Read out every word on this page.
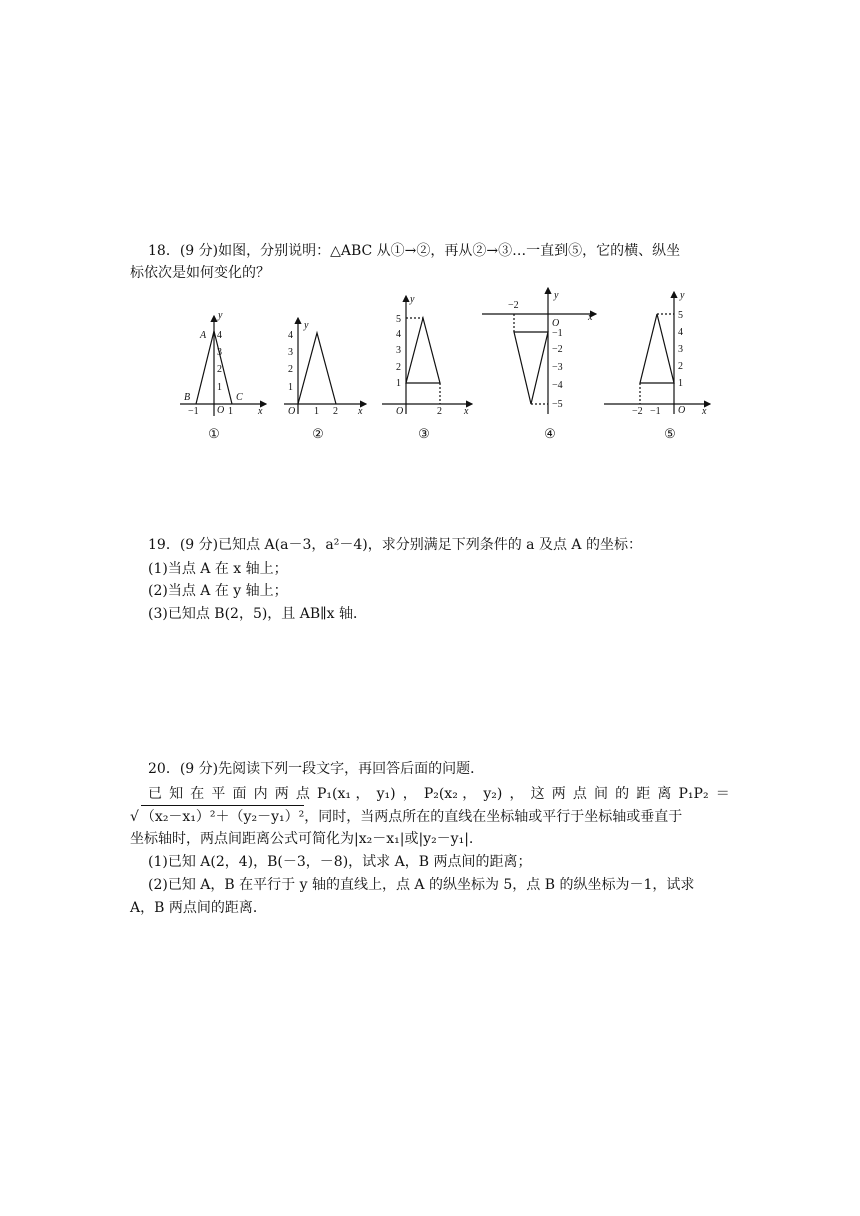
18．(9 分)如图，分别说明：△ABC 从①→②，再从②→③…一直到⑤，它的横、纵坐
标依次是如何变化的？
A
y
x
B	C
O
y
x
O
y
x
O
y
x
O
y
x
O
−1	1
1
2
3
4
1 2
1
2
3
4
2
1
2
3
4
5
−2
−1
−2
−3
−4
−5
−2 −1
1
2
3
4
5
①	②	③	④	⑤
19．(9 分)已知点 A(a－3，a²－4)，求分别满足下列条件的 a 及点 A 的坐标：
(1)当点 A 在 x 轴上；
(2)当点 A 在 y 轴上；
(3)已知点 B(2，5)，且 AB∥x 轴．
20．(9 分)先阅读下列一段文字，再回答后面的问题．
已 知 在 平 面 内 两 点 P₁(x₁ ， y₁) ， P₂(x₂ ， y₂) ， 这 两 点 间 的 距 离 P₁P₂ ＝
√ （x₂－x₁）²＋（y₂－y₁）²，同时，当两点所在的直线在坐标轴或平行于坐标轴或垂直于
坐标轴时，两点间距离公式可简化为|x₂－x₁|或|y₂－y₁|.
(1)已知 A(2，4)，B(－3，－8)，试求 A，B 两点间的距离；
(2)已知 A，B 在平行于 y 轴的直线上，点 A 的纵坐标为 5，点 B 的纵坐标为－1，试求
A，B 两点间的距离．
